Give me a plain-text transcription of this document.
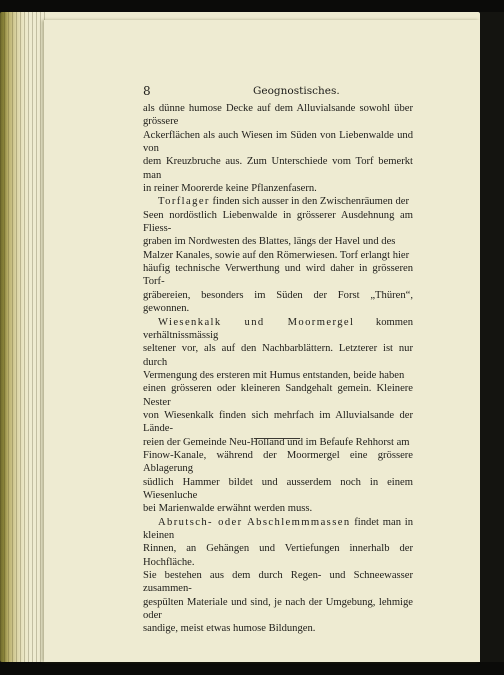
8	Geognostisches.

als dünne humose Decke auf dem Alluvialsande sowohl über grössere
Ackerflächen als auch Wiesen im Süden von Liebenwalde und von
dem Kreuzbruche aus. Zum Unterschiede vom Torf bemerkt man
in reiner Moorerde keine Pflanzenfasern.

Torflager finden sich ausser in den Zwischenräumen der
Seen nordöstlich Liebenwalde in grösserer Ausdehnung am Fliess-
graben im Nordwesten des Blattes, längs der Havel und des
Malzer Kanales, sowie auf den Römerwiesen. Torf erlangt hier
häufig technische Verwerthung und wird daher in grösseren Torf-
gräbereien, besonders im Süden der Forst „Thüren“, gewonnen.

Wiesenkalk und Moormergel kommen verhältnissmässig
seltener vor, als auf den Nachbarblättern. Letzterer ist nur durch
Vermengung des ersteren mit Humus entstanden, beide haben
einen grösseren oder kleineren Sandgehalt gemein. Kleinere Nester
von Wiesenkalk finden sich mehrfach im Alluvialsande der Lände-
reien der Gemeinde Neu-Holland und im Befaufe Rehhorst am
Finow-Kanale, während der Moormergel eine grössere Ablagerung
südlich Hammer bildet und ausserdem noch in einem Wiesenluche
bei Marienwalde erwähnt werden muss.

Abrutsch- oder Abschlemmmassen findet man in kleinen
Rinnen, an Gehängen und Vertiefungen innerhalb der Hochfläche.
Sie bestehen aus dem durch Regen- und Schneewasser zusammen-
gespülten Materiale und sind, je nach der Umgebung, lehmige oder
sandige, meist etwas humose Bildungen.
